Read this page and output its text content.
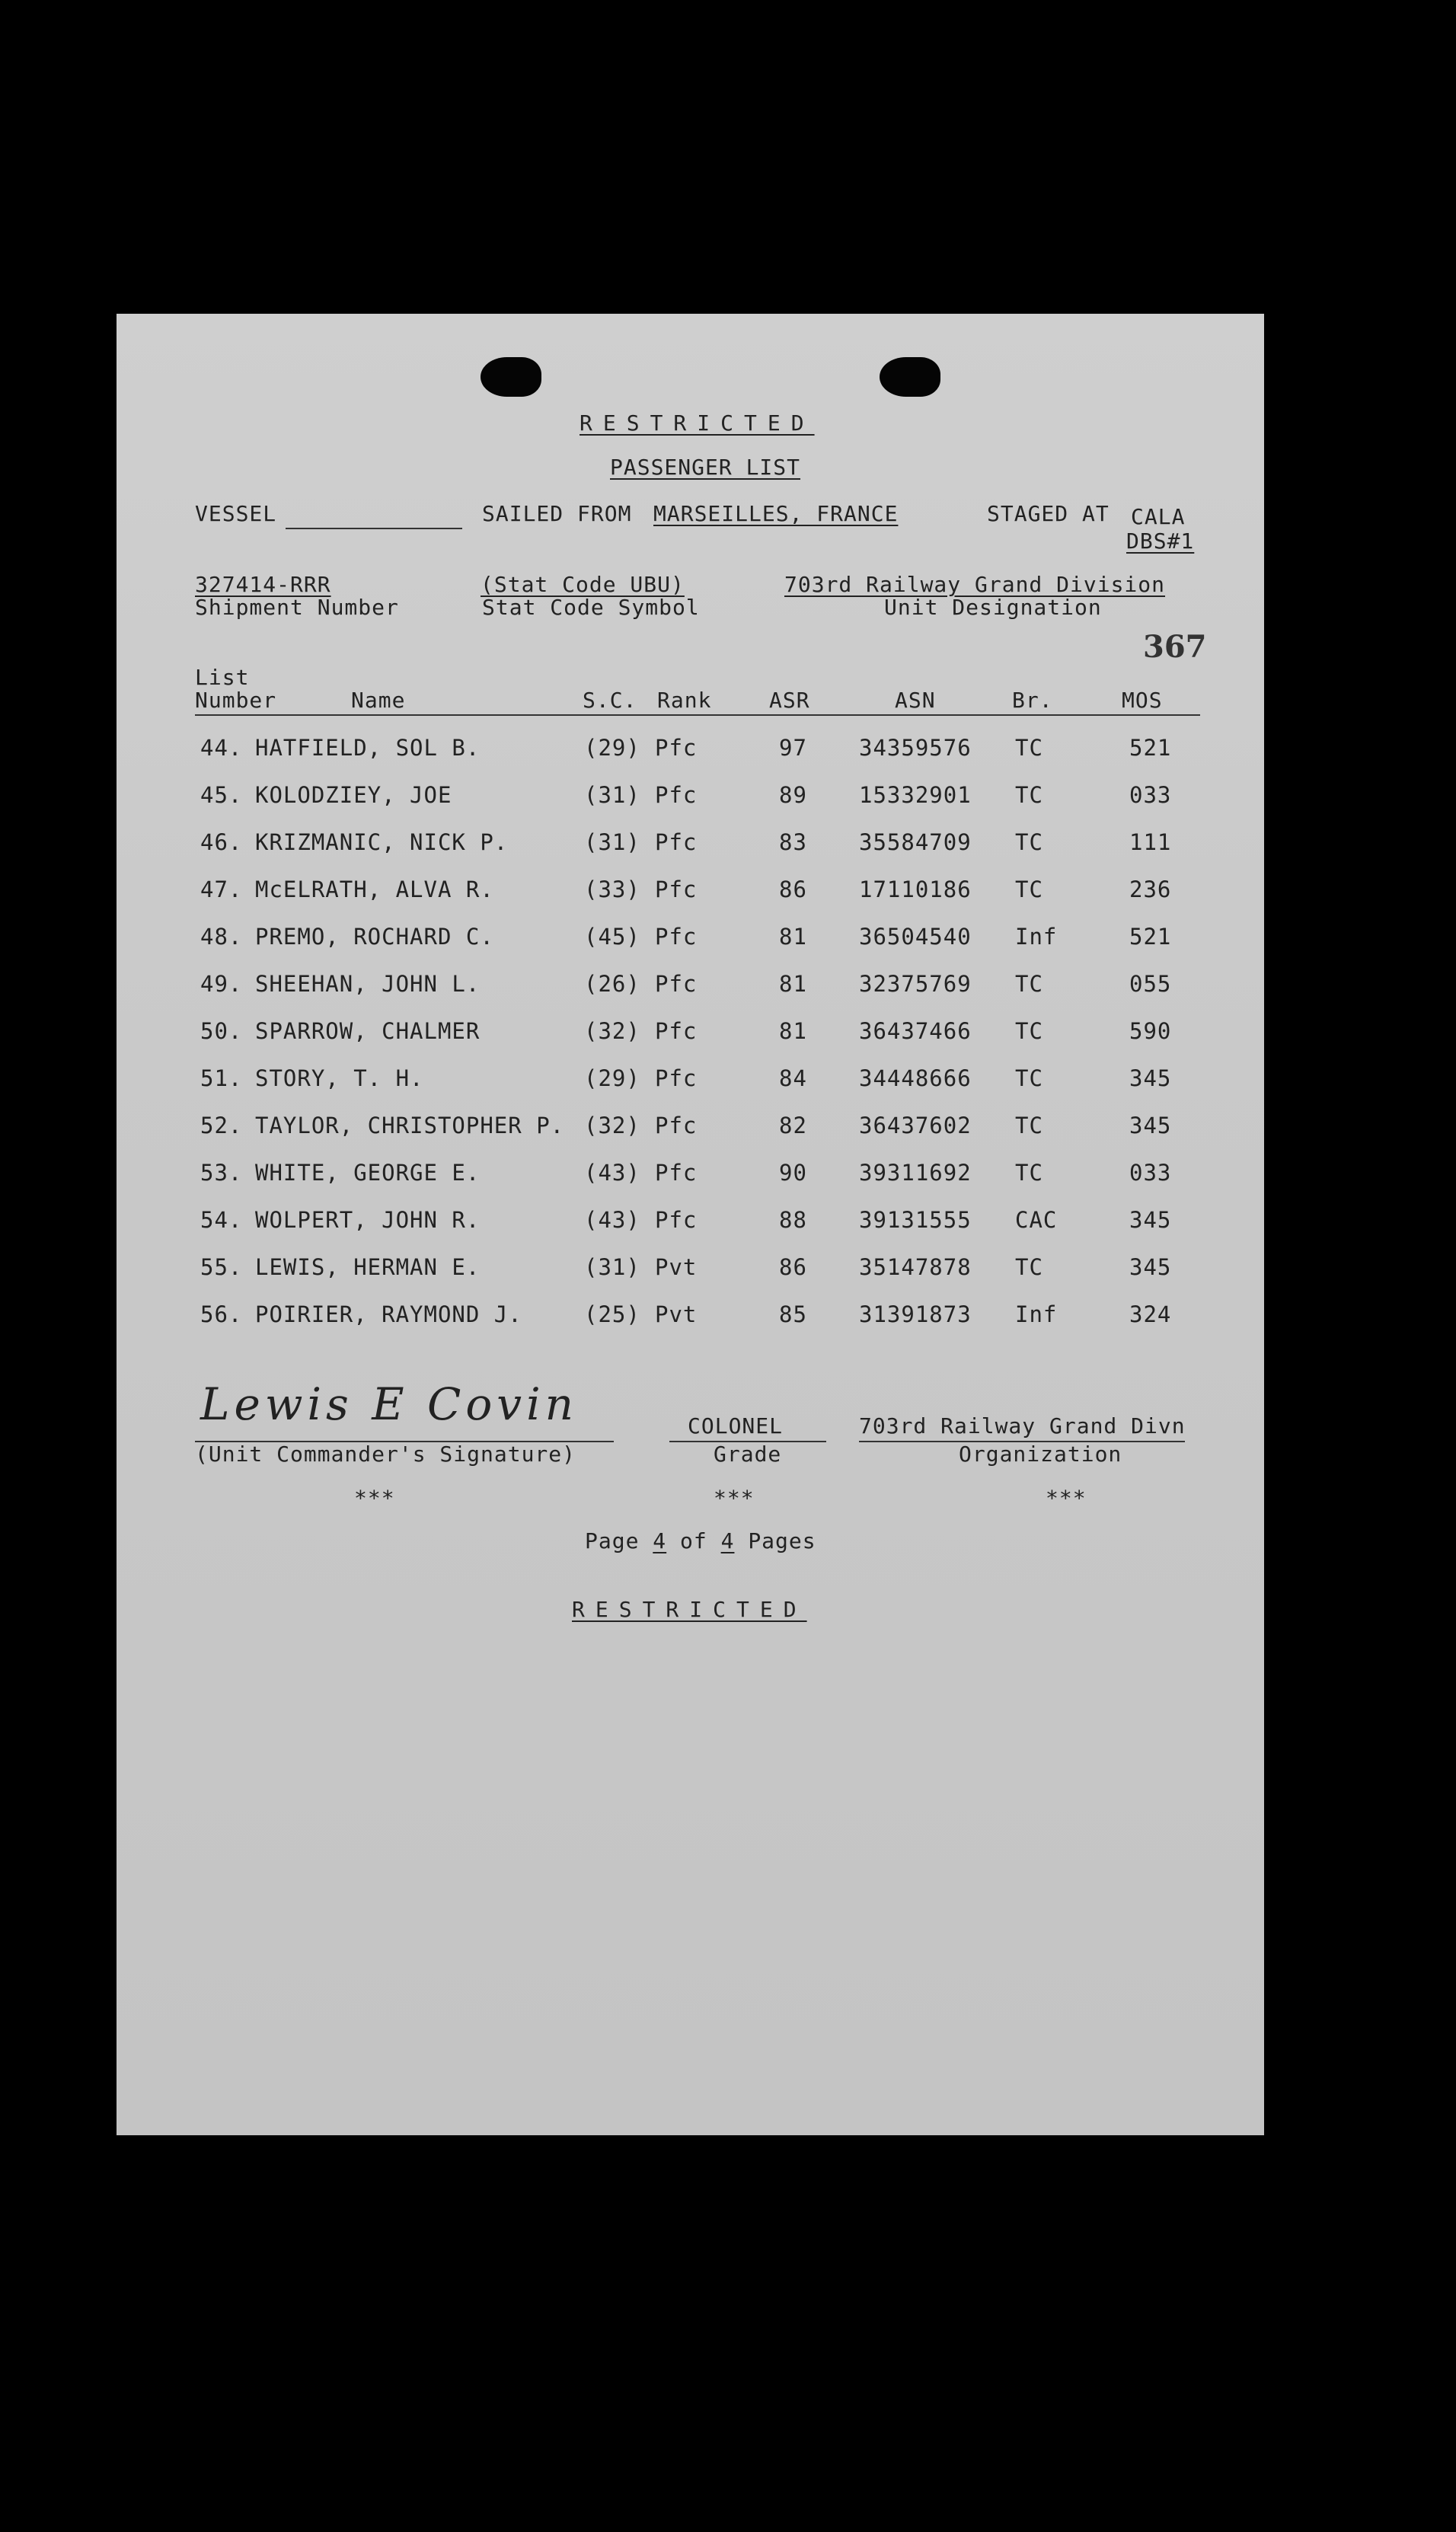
RESTRICTED
PASSENGER LIST
VESSEL	SAILED FROM MARSEILLES, FRANCE	STAGED AT CALA
DBS#1
327414-RRR
Shipment Number
(Stat Code UBU)
Stat Code Symbol
703rd Railway Grand Division
Unit Designation
367
List
Number	Name	S.C. Rank	ASR	ASN	Br.	MOS
44. HATFIELD, SOL B.	(29) Pfc	97 34359576 TC	521
45. KOLODZIEY, JOE	(31) Pfc	89 15332901 TC	033
46. KRIZMANIC, NICK P.	(31) Pfc	83 35584709 TC	111
47. McELRATH, ALVA R.	(33) Pfc	86 17110186 TC	236
48. PREMO, ROCHARD C.	(45) Pfc	81 36504540 Inf	521
49. SHEEHAN, JOHN L.	(26) Pfc	81 32375769 TC	055
50. SPARROW, CHALMER	(32) Pfc	81 36437466 TC	590
51. STORY, T. H.	(29) Pfc	84 34448666 TC	345
52. TAYLOR, CHRISTOPHER P. (32) Pfc	82 36437602 TC	345
53. WHITE, GEORGE E.	(43) Pfc	90 39311692 TC	033
54. WOLPERT, JOHN R.	(43) Pfc	88 39131555 CAC	345
55. LEWIS, HERMAN E.	(31) Pvt	86 35147878 TC	345
56. POIRIER, RAYMOND J.	(25) Pvt	85 31391873 Inf	324
Lewis E Covin
(Unit Commander's Signature)
COLONEL
Grade
703rd Railway Grand Divn
Organization
***	***	***
Page 4 of 4 Pages
RESTRICTED
